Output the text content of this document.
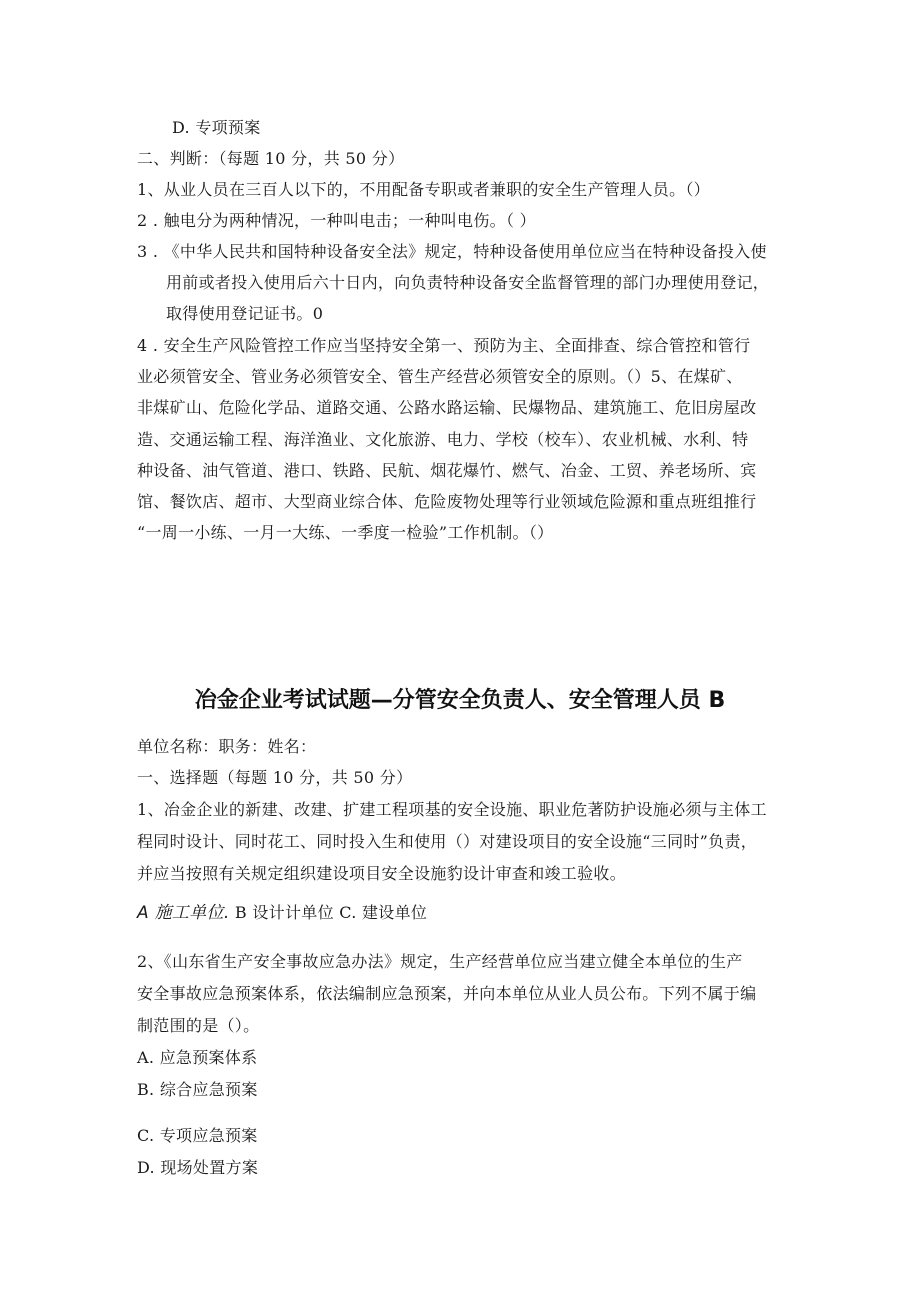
D. 专项预案
二、判断：（每题 10 分，共 50 分）
1、从业人员在三百人以下的，不用配备专职或者兼职的安全生产管理人员。（）
2 . 触电分为两种情况，一种叫电击；一种叫电伤。（ ）
3 . 《中华人民共和国特种设备安全法》规定，特种设备使用单位应当在特种设备投入使
用前或者投入使用后六十日内，向负责特种设备安全监督管理的部门办理使用登记，
取得使用登记证书。0
4 . 安全生产风险管控工作应当坚持安全第一、预防为主、全面排查、综合管控和管行
业必须管安全、管业务必须管安全、管生产经营必须管安全的原则。（）5、在煤矿、
非煤矿山、危险化学品、道路交通、公路水路运输、民爆物品、建筑施工、危旧房屋改
造、交通运输工程、海洋渔业、文化旅游、电力、学校（校车）、农业机械、水利、特
种设备、油气管道、港口、铁路、民航、烟花爆竹、燃气、冶金、工贸、养老场所、宾
馆、餐饮店、超市、大型商业综合体、危险废物处理等行业领域危险源和重点班组推行
“一周一小练、一月一大练、一季度一检验”工作机制。（）
冶金企业考试试题—分管安全负责人、安全管理人员 B
单位名称：职务：姓名：
一、选择题（每题 10 分，共 50 分）
1、冶金企业的新建、改建、扩建工程项基的安全设施、职业危著防护设施必须与主体工
程同时设计、同时花工、同时投入生和使用（）对建设项目的安全设施“三同时”负责，
并应当按照有关规定组织建设项目安全设施豹设计审查和竣工验收。
A 施工单位. B 设计计单位 C. 建设单位
2、《山东省生产安全事故应急办法》规定，生产经营单位应当建立健全本单位的生产
安全事故应急预案体系，依法编制应急预案，并向本单位从业人员公布。下列不属于编
制范围的是（）。
A. 应急预案体系
B. 综合应急预案
C. 专项应急预案
D. 现场处置方案
